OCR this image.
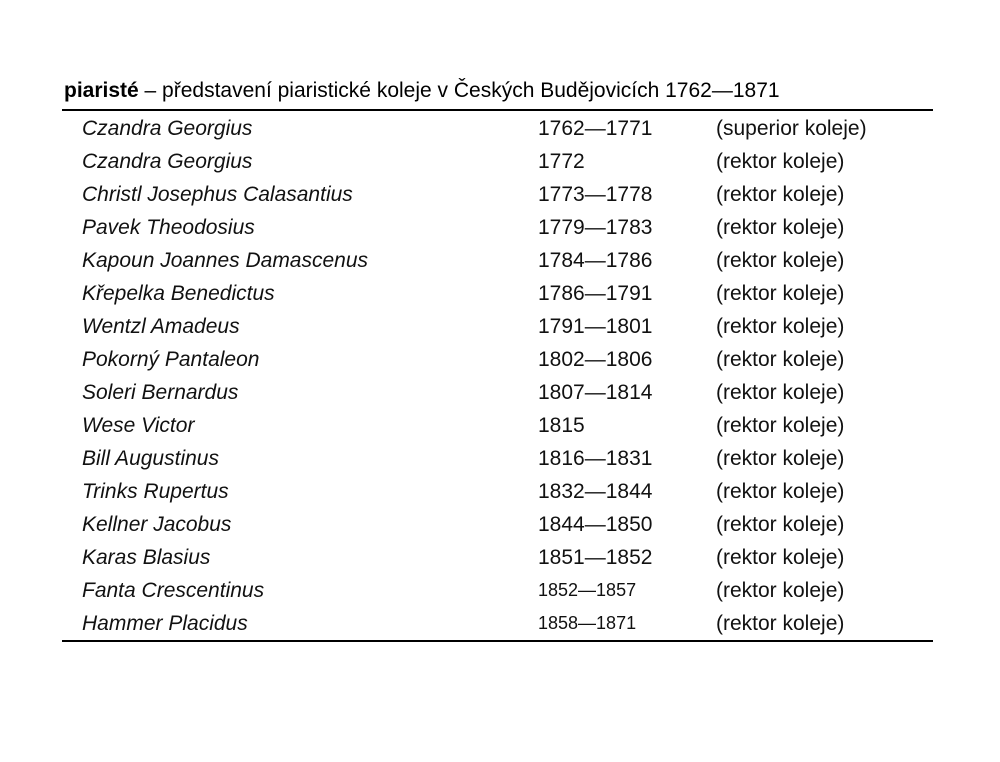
piaristé – představení piaristické koleje v Českých Budějovicích 1762—1871
Czandra Georgius	1762—1771	(superior koleje)
Czandra Georgius	1772	(rektor koleje)
Christl Josephus Calasantius	1773—1778	(rektor koleje)
Pavek Theodosius	1779—1783	(rektor koleje)
Kapoun Joannes Damascenus	1784—1786	(rektor koleje)
Křepelka Benedictus	1786—1791	(rektor koleje)
Wentzl Amadeus	1791—1801	(rektor koleje)
Pokorný Pantaleon	1802—1806	(rektor koleje)
Soleri Bernardus	1807—1814	(rektor koleje)
Wese Victor	1815	(rektor koleje)
Bill Augustinus	1816—1831	(rektor koleje)
Trinks Rupertus	1832—1844	(rektor koleje)
Kellner Jacobus	1844—1850	(rektor koleje)
Karas Blasius	1851—1852	(rektor koleje)
Fanta Crescentinus	1852—1857	(rektor koleje)
Hammer Placidus	1858—1871	(rektor koleje)
